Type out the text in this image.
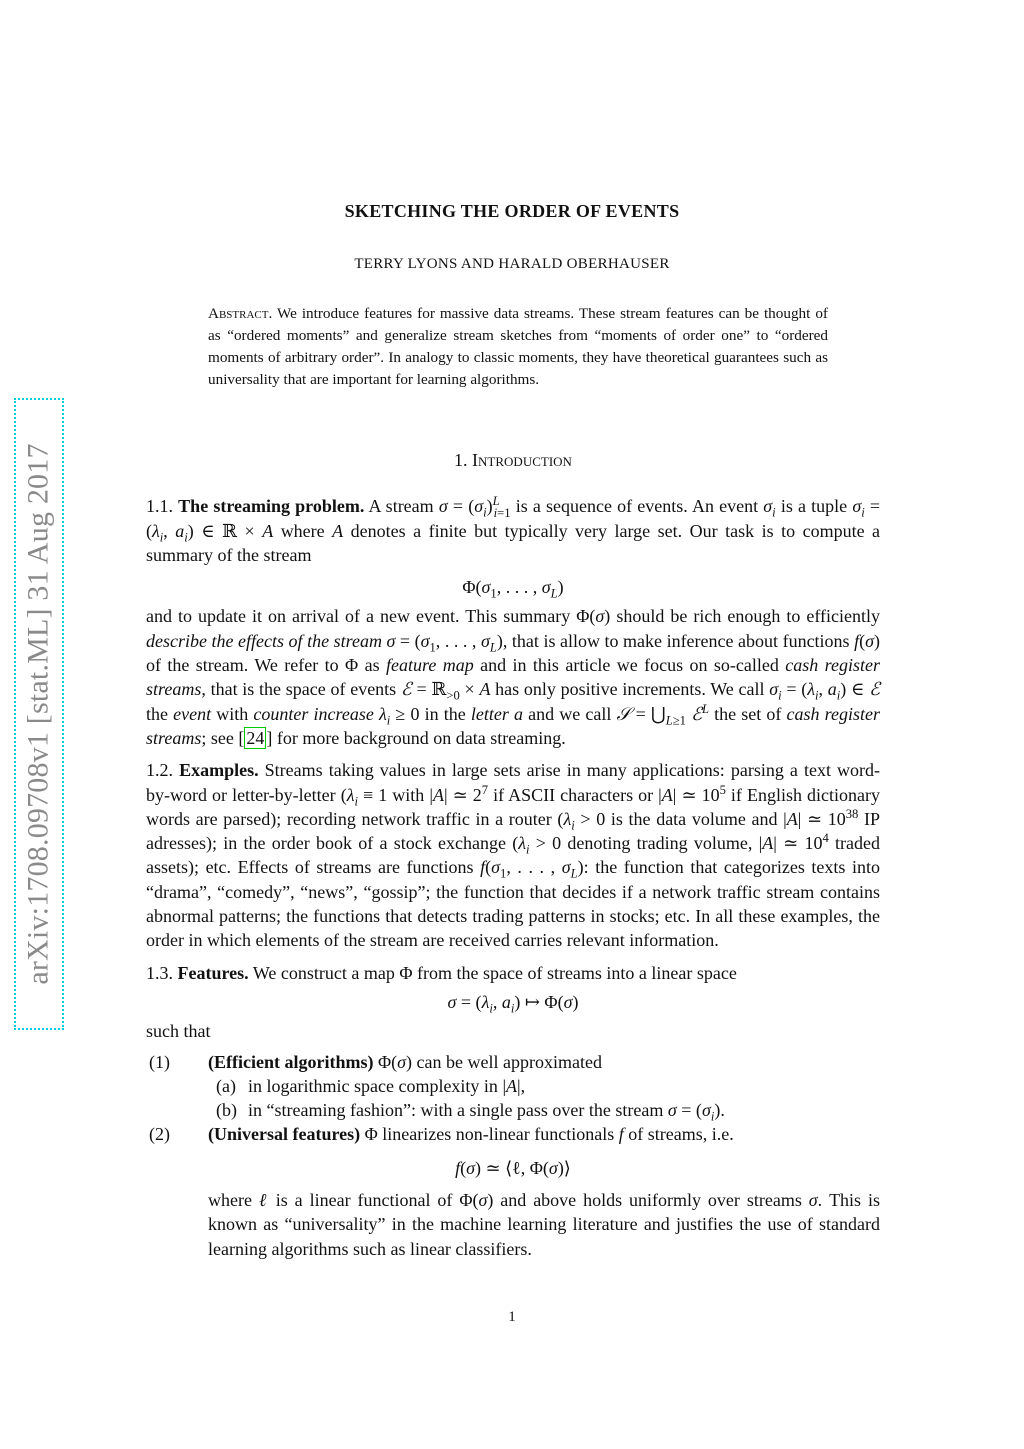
arXiv:1708.09708v1 [stat.ML] 31 Aug 2017
SKETCHING THE ORDER OF EVENTS
TERRY LYONS AND HARALD OBERHAUSER
Abstract. We introduce features for massive data streams. These stream features can be thought of as “ordered moments” and generalize stream sketches from “moments of order one” to “ordered moments of arbitrary order”. In analogy to classic moments, they have theoretical guarantees such as universality that are important for learning algorithms.
1. Introduction

1.1. The streaming problem. A stream $\sigma = (\sigma_i)^L_{i=1}$ is a sequence of events. An event $\sigma_i$ is a tuple $\sigma_i = (\lambda_i$, $a_i$) ∈ ℝ × A where A denotes a finite but typically very large set. Our task is to compute a summary of the stream

$\Phi(\sigma_1$, . . . , $\sigma_L$)

and to update it on arrival of a new event. This summary Φ(σ) should be rich enough to efficiently describe the effects of the stream $\sigma = (\sigma_1$, . . . , $\sigma_L$), that is allow to make inference about functions f(σ) of the stream. We refer to Φ as feature map and in this article we focus on so-called cash register streams, that is the space of events ℰ = ℝ$_{>0}$ × A has only positive increments. We call $\sigma_i = (\lambda_i$, $a_i$) ∈ ℰ the event with counter increase $\lambda_i \ge 0$ in the letter a and we call 𝒮 = $⋃_{L\ge 1}$ ℰ$^L$ the set of cash register streams; see [ 24 ] for more background on data streaming.

1.2. Examples. Streams taking values in large sets arise in many applications: parsing a text word-by-word or letter-by-letter ($\lambda_i \equiv 1$ with |A| ≃ $2^7$ if ASCII characters or |A| ≃ $10^5$ if English dictionary words are parsed); recording network traffic in a router ($\lambda_i > 0$ is the data volume and |A| ≃ $10^{38}$ IP adresses); in the order book of a stock exchange ($\lambda_i > 0$ denoting trading volume, |A| ≃ $10^4$ traded assets); etc. Effects of streams are functions $f(\sigma_1$, . . . , $\sigma_L$): the function that categorizes texts into “drama”, “comedy”, “news”, “gossip”; the function that decides if a network traffic stream contains abnormal patterns; the functions that detects trading patterns in stocks; etc. In all these examples, the order in which elements of the stream are received carries relevant information.

1.3. Features. We construct a map Φ from the space of streams into a linear space

$\sigma = (\lambda_i$, $a_i$) ↦ Φ(σ)
such that
(1) (Efficient algorithms) Φ(σ) can be well approximated
(a) in logarithmic space complexity in |A|,
(b) in “streaming fashion”: with a single pass over the stream $\sigma = (\sigma_i)$.
(2) (Universal features) Φ linearizes non-linear functionals f of streams, i.e.
f(σ) ≃ ⟨ℓ, Φ(σ)⟩
where ℓ is a linear functional of Φ(σ) and above holds uniformly over streams σ. This is known as “universality” in the machine learning literature and justifies the use of standard learning algorithms such as linear classifiers.
1
